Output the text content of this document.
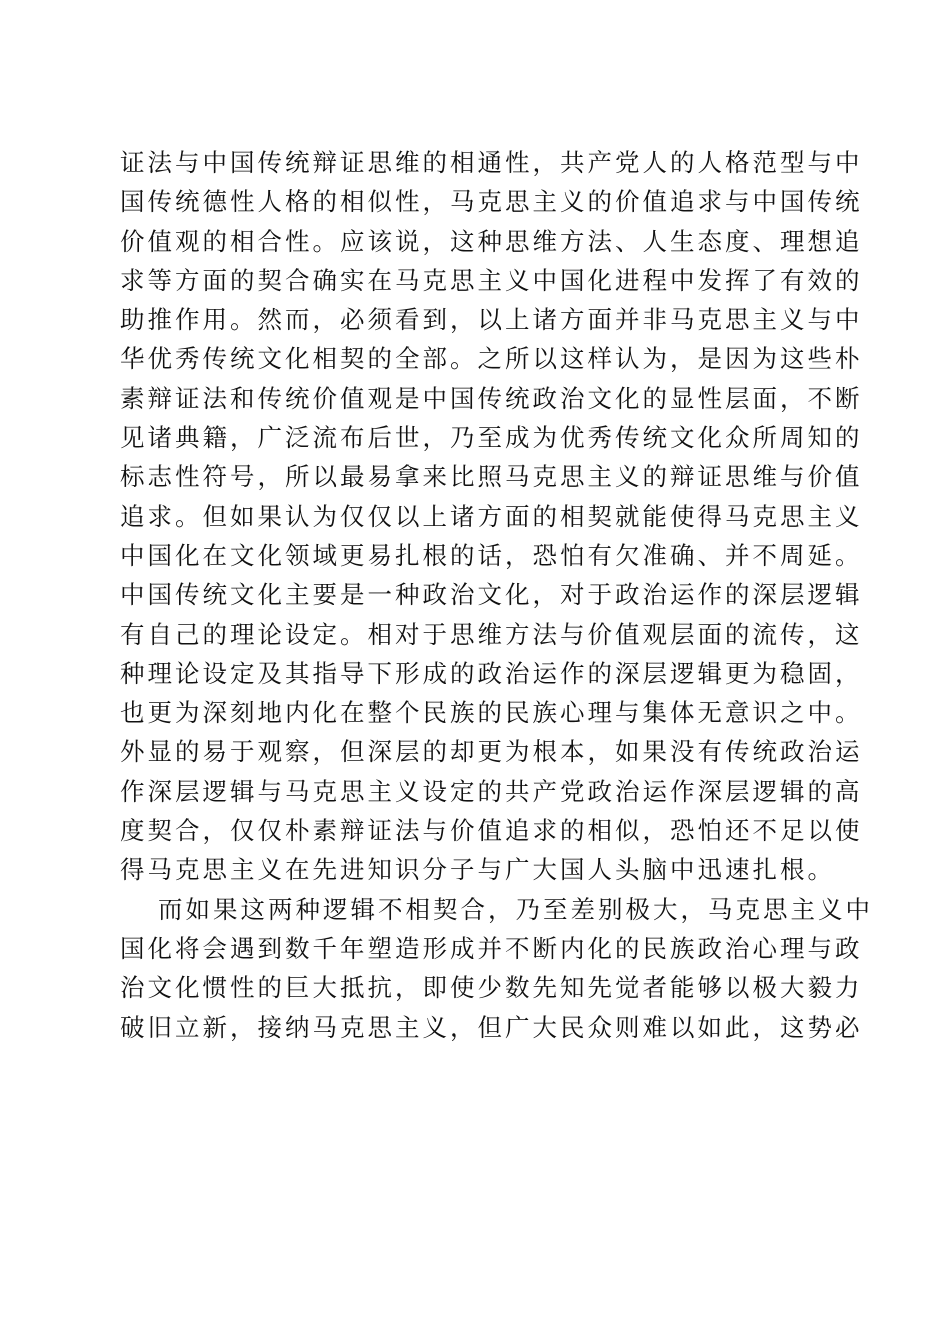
证法与中国传统辩证思维的相通性，共产党人的人格范型与中
国传统德性人格的相似性，马克思主义的价值追求与中国传统
价值观的相合性。应该说，这种思维方法、人生态度、理想追
求等方面的契合确实在马克思主义中国化进程中发挥了有效的
助推作用。然而，必须看到，以上诸方面并非马克思主义与中
华优秀传统文化相契的全部。之所以这样认为，是因为这些朴
素辩证法和传统价值观是中国传统政治文化的显性层面，不断
见诸典籍，广泛流布后世，乃至成为优秀传统文化众所周知的
标志性符号，所以最易拿来比照马克思主义的辩证思维与价值
追求。但如果认为仅仅以上诸方面的相契就能使得马克思主义
中国化在文化领域更易扎根的话，恐怕有欠准确、并不周延。
中国传统文化主要是一种政治文化，对于政治运作的深层逻辑
有自己的理论设定。相对于思维方法与价值观层面的流传，这
种理论设定及其指导下形成的政治运作的深层逻辑更为稳固，
也更为深刻地内化在整个民族的民族心理与集体无意识之中。
外显的易于观察，但深层的却更为根本，如果没有传统政治运
作深层逻辑与马克思主义设定的共产党政治运作深层逻辑的高
度契合，仅仅朴素辩证法与价值追求的相似，恐怕还不足以使
得马克思主义在先进知识分子与广大国人头脑中迅速扎根。
而如果这两种逻辑不相契合，乃至差别极大，马克思主义中
国化将会遇到数千年塑造形成并不断内化的民族政治心理与政
治文化惯性的巨大抵抗，即使少数先知先觉者能够以极大毅力
破旧立新，接纳马克思主义，但广大民众则难以如此，这势必
